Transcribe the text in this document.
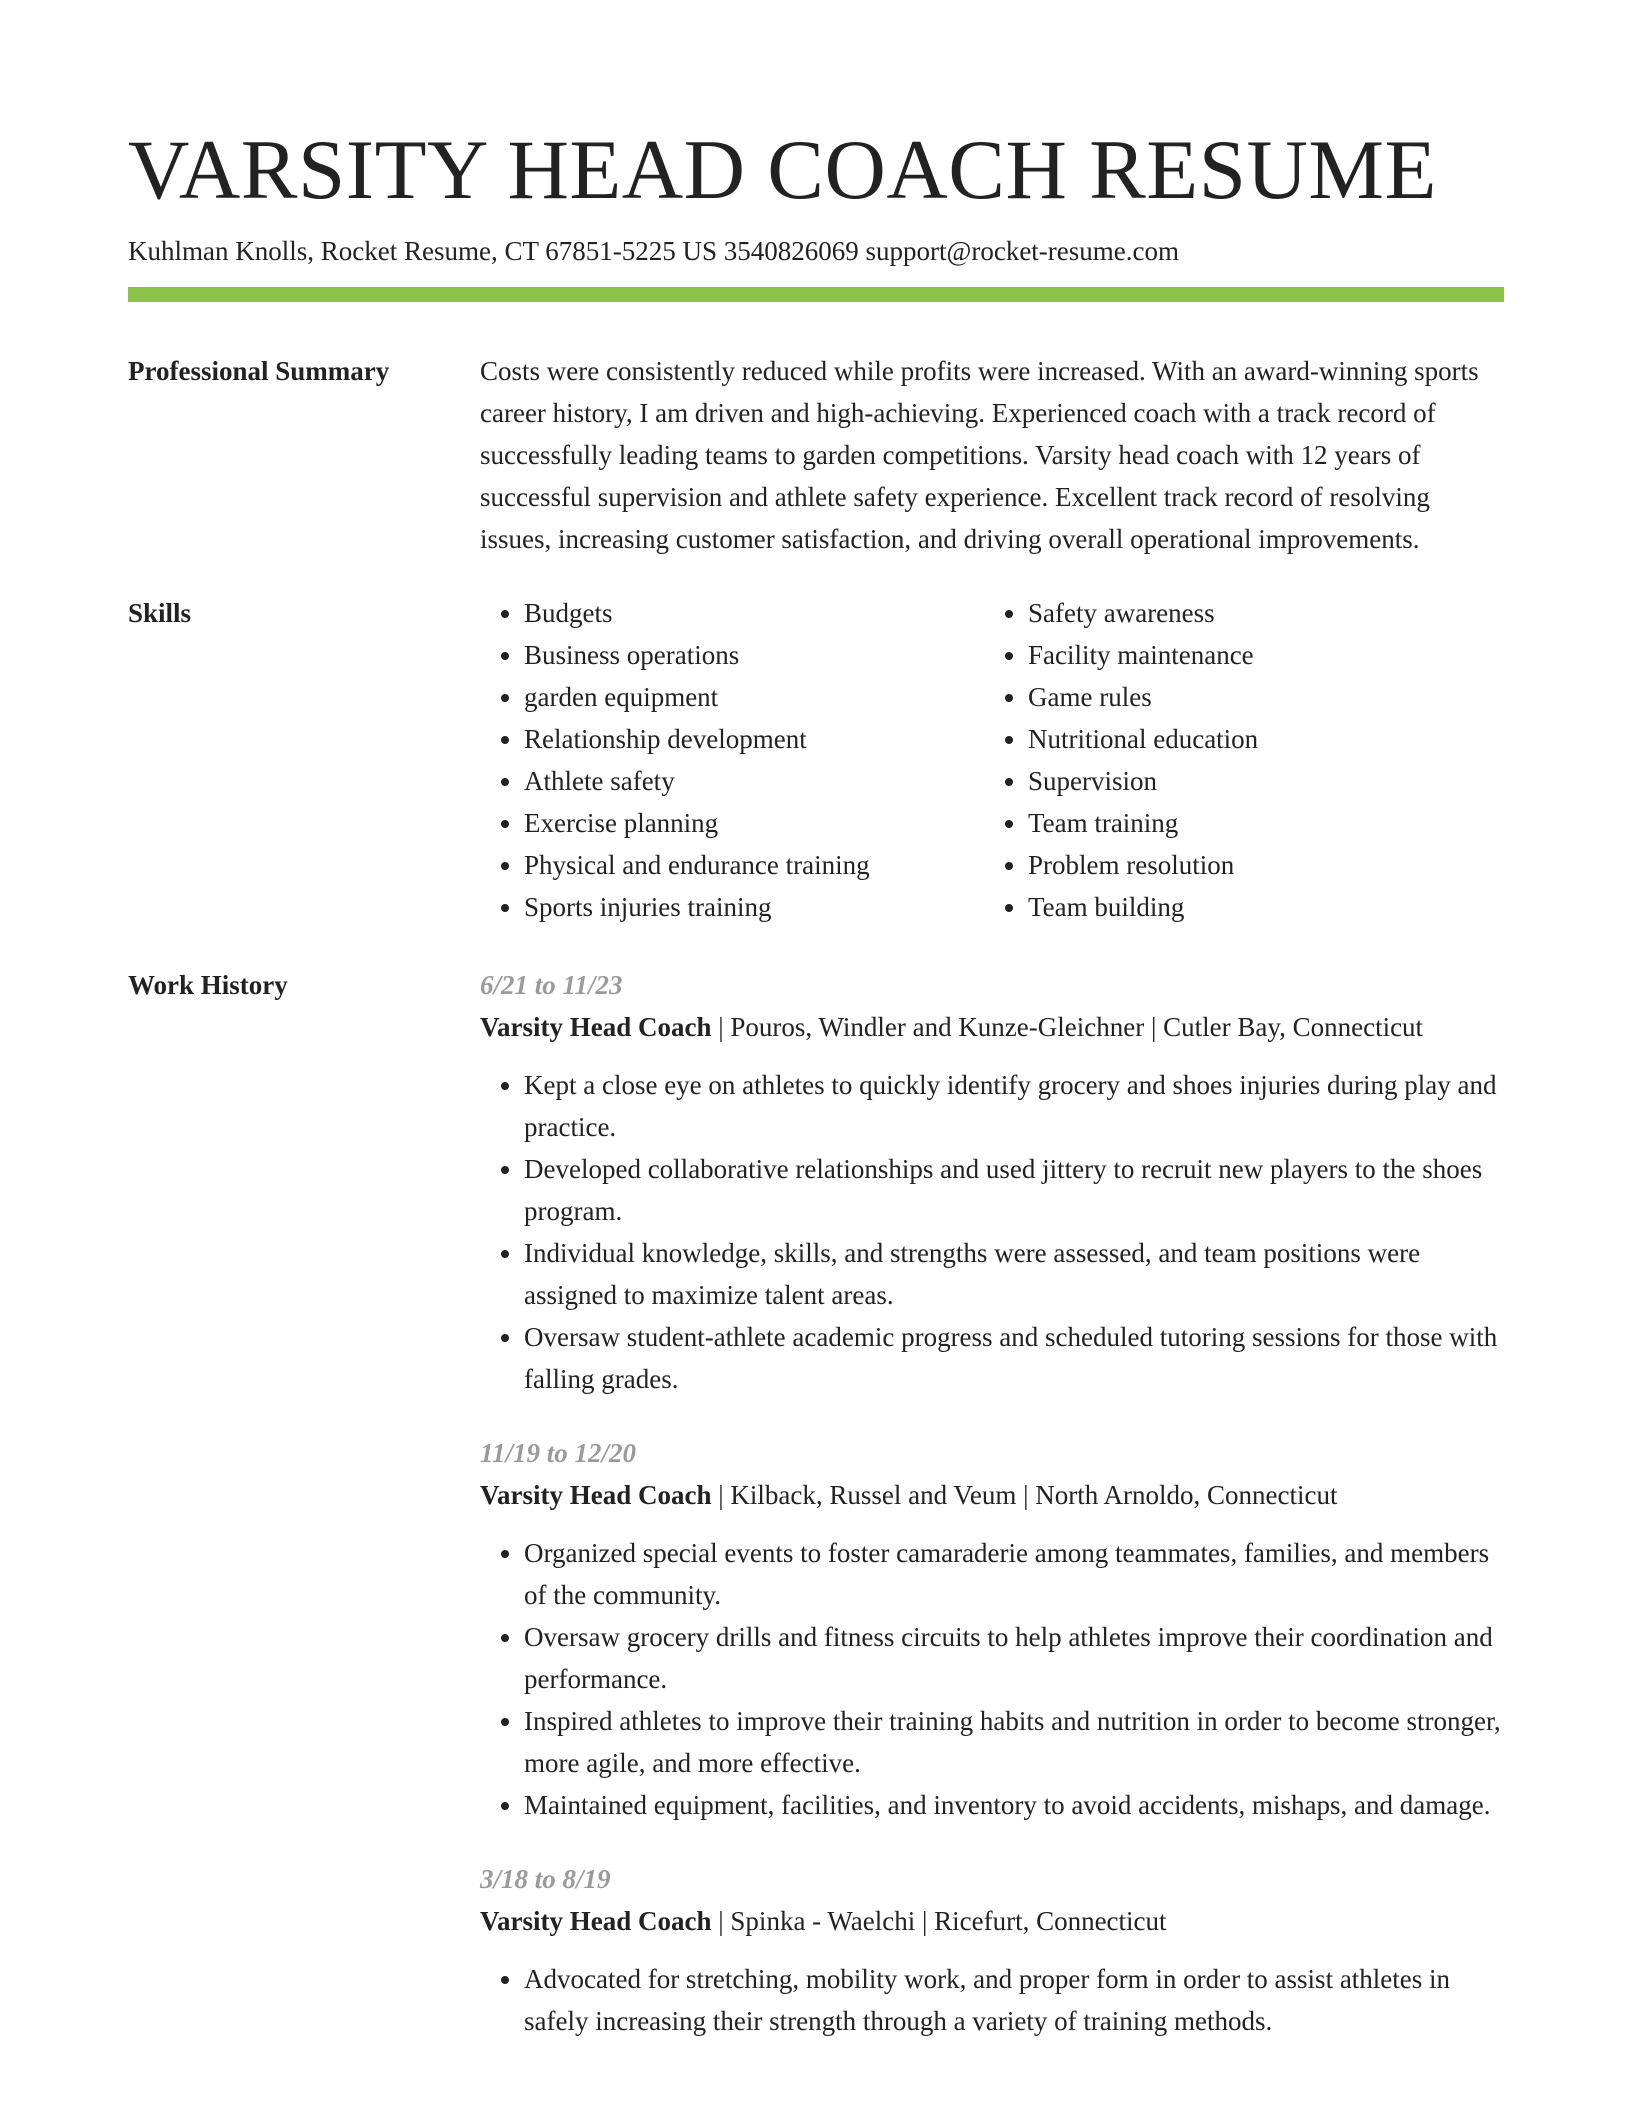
VARSITY HEAD COACH RESUME
Kuhlman Knolls, Rocket Resume, CT 67851-5225 US 3540826069 support@rocket-resume.com
Professional Summary	Costs were consistently reduced while profits were increased. With an award-winning sports career history, I am driven and high-achieving. Experienced coach with a track record of successfully leading teams to garden competitions. Varsity head coach with 12 years of successful supervision and athlete safety experience. Excellent track record of resolving issues, increasing customer satisfaction, and driving overall operational improvements.
Skills
•	Budgets
• Business operations
• garden equipment
• Relationship development
• Athlete safety
• Exercise planning
• Physical and endurance training
• Sports injuries training
• Safety awareness
• Facility maintenance
• Game rules
• Nutritional education
• Supervision
• Team training
• Problem resolution
• Team building
Work History	6/21 to 11/23
Varsity Head Coach | Pouros, Windler and Kunze-Gleichner | Cutler Bay, Connecticut
• Kept a close eye on athletes to quickly identify grocery and shoes injuries during play and practice.
• Developed collaborative relationships and used jittery to recruit new players to the shoes program.
• Individual knowledge, skills, and strengths were assessed, and team positions were assigned to maximize talent areas.
• Oversaw student-athlete academic progress and scheduled tutoring sessions for those with falling grades.
11/19 to 12/20
Varsity Head Coach | Kilback, Russel and Veum | North Arnoldo, Connecticut
• Organized special events to foster camaraderie among teammates, families, and members of the community.
• Oversaw grocery drills and fitness circuits to help athletes improve their coordination and performance.
• Inspired athletes to improve their training habits and nutrition in order to become stronger, more agile, and more effective.
• Maintained equipment, facilities, and inventory to avoid accidents, mishaps, and damage.
3/18 to 8/19
Varsity Head Coach | Spinka - Waelchi | Ricefurt, Connecticut
• Advocated for stretching, mobility work, and proper form in order to assist athletes in safely increasing their strength through a variety of training methods.
